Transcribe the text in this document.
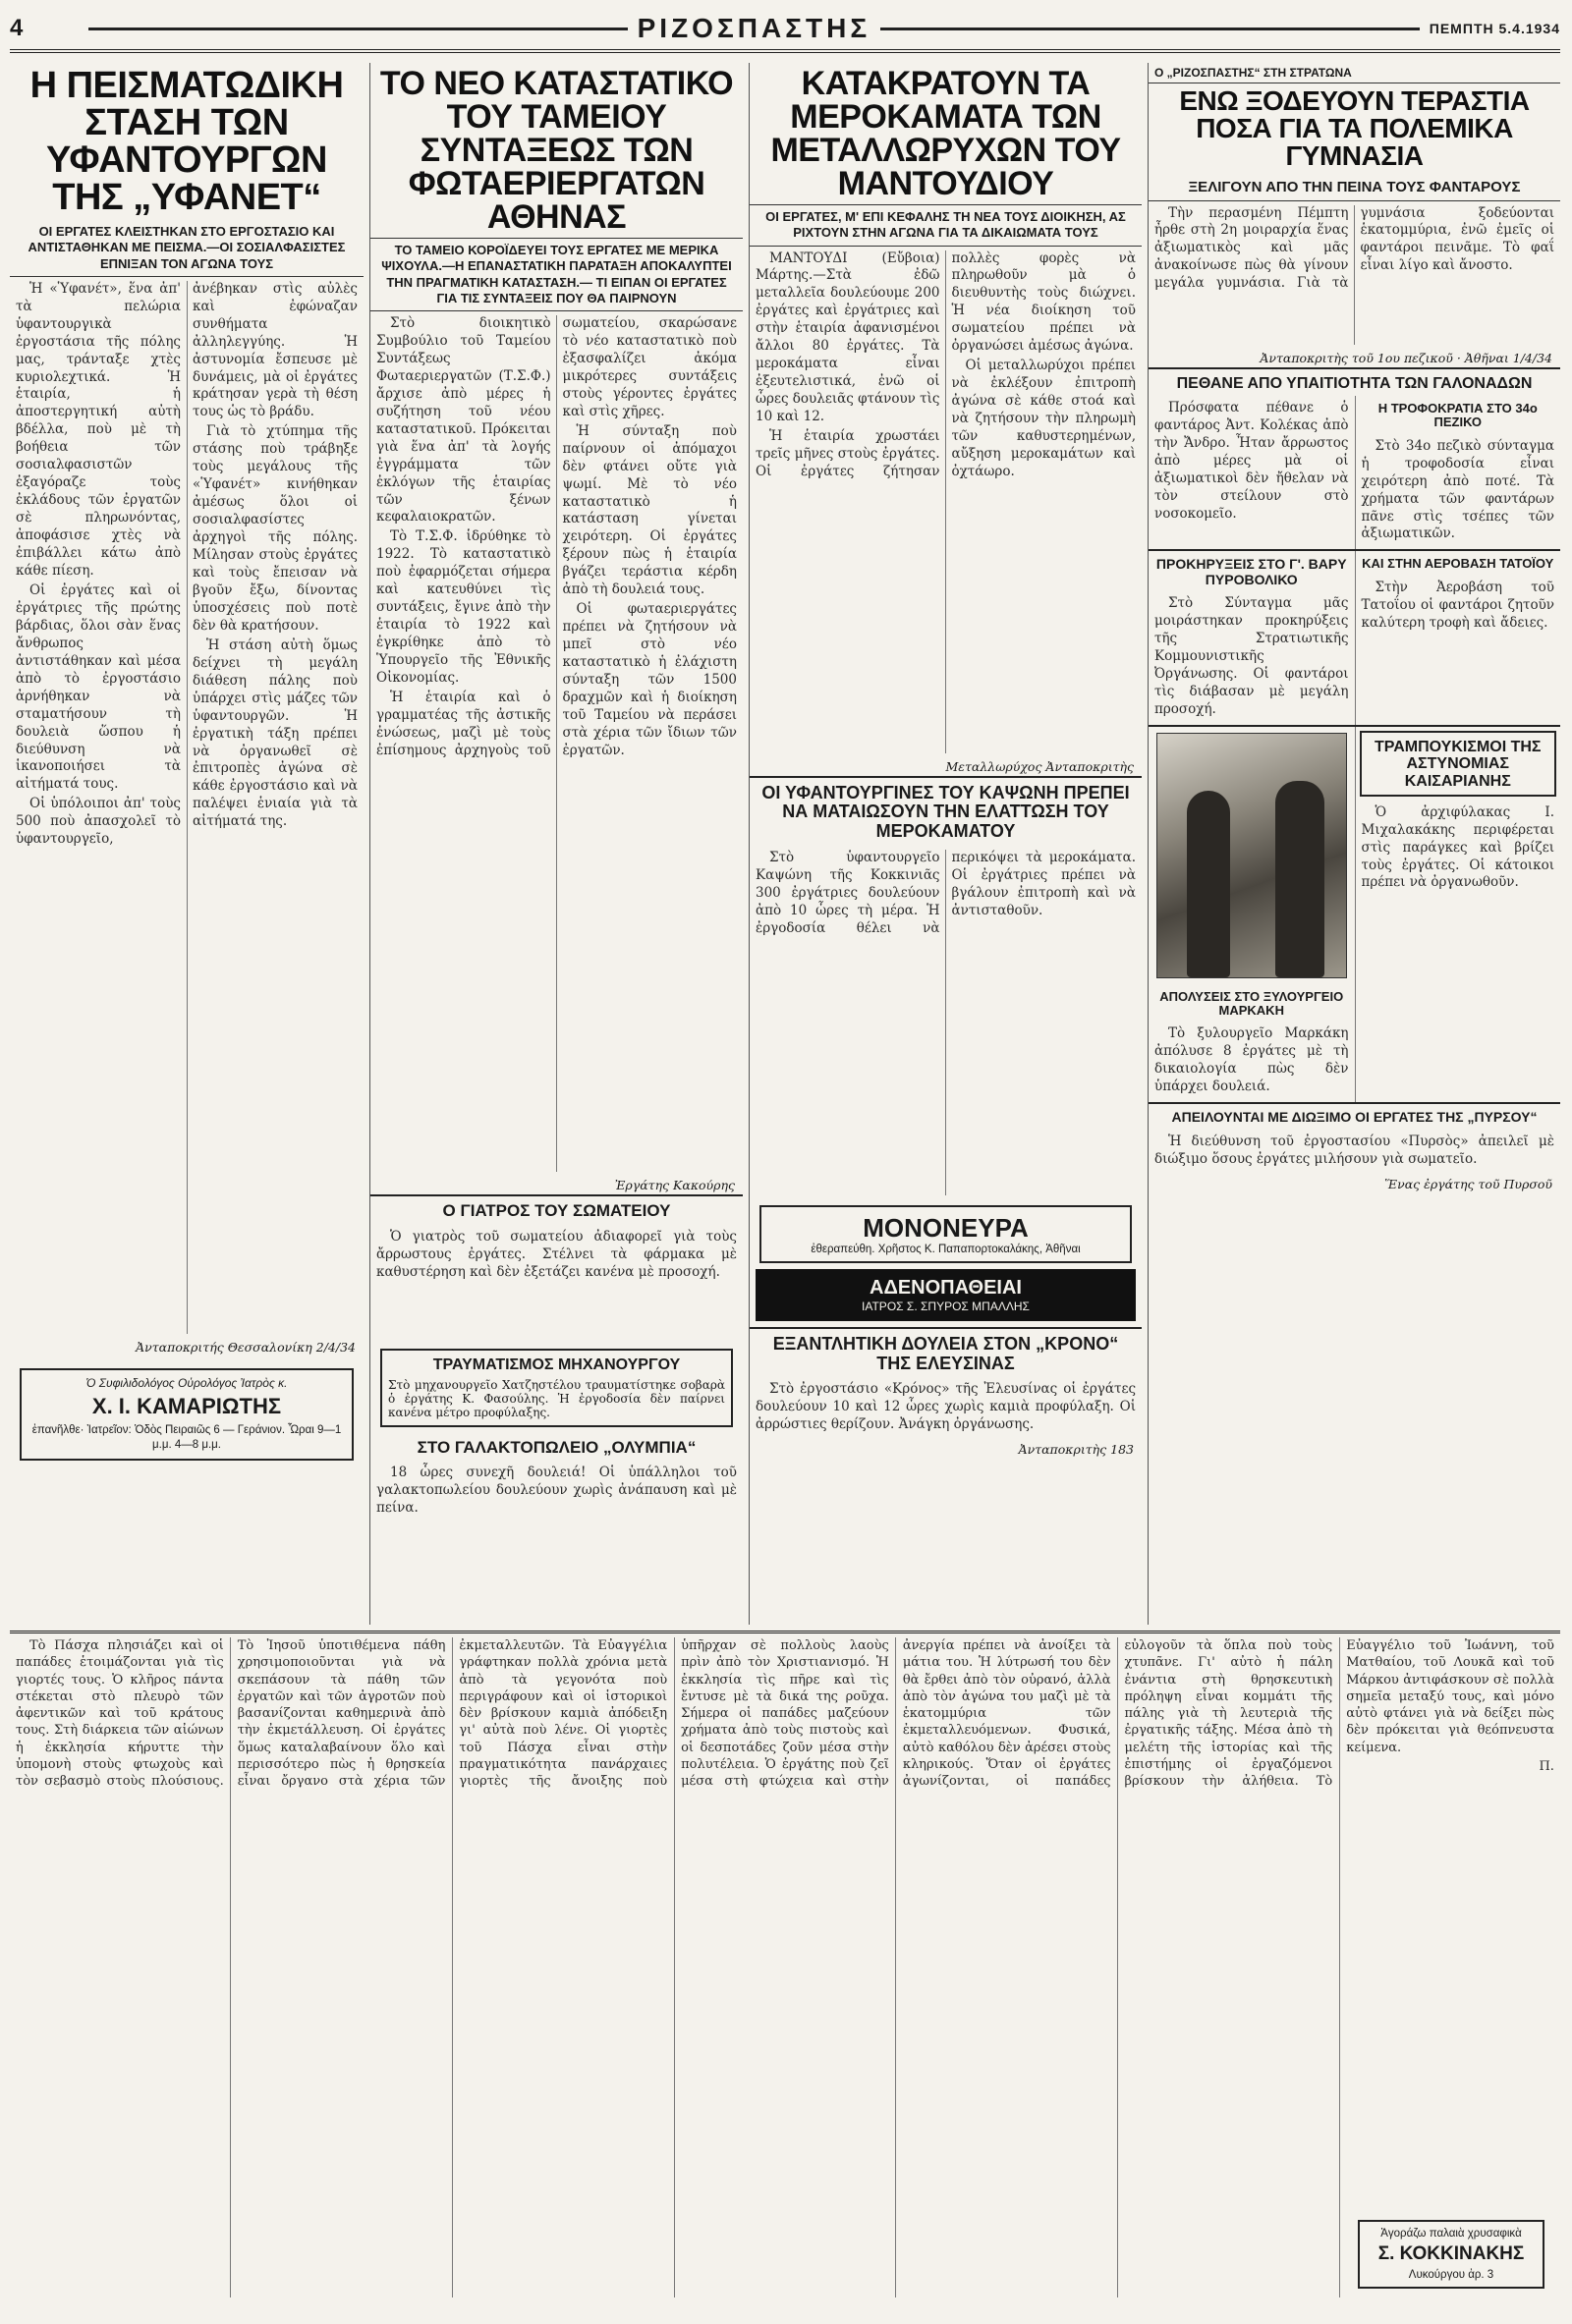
4	ΡΙΖΟΣΠΑΣΤΗΣ	ΠΕΜΠΤΗ 5.4.1934
Η ΠΕΙΣΜΑΤΩΔΙΚΗ ΣΤΑΣΗ ΤΩΝ ΥΦΑΝΤΟΥΡΓΩΝ ΤΗΣ „ΥΦΑΝΕΤ“
ΟΙ ΕΡΓΑΤΕΣ ΚΛΕΙΣΤΗΚΑΝ ΣΤΟ ΕΡΓΟΣΤΑΣΙΟ ΚΑΙ ΑΝΤΙΣΤΑΘΗΚΑΝ ΜΕ ΠΕΙΣΜΑ.—ΟΙ ΣΟΣΙΑΛΦΑΣΙΣΤΕΣ ΕΠΝΙΞΑΝ ΤΟΝ ΑΓΩΝΑ ΤΟΥΣ

Ἡ «Ὑφανέτ», ἕνα ἀπ' τὰ πελώρια ὑφαντουργικὰ ἐργοστάσια τῆς πόλης μας, τράνταξε χτὲς κυριολεχτικά. Ἡ ἑταιρία, ἡ ἀποστεργητική αὐτὴ βδέλλα, ποὺ μὲ τὴ βοήθεια τῶν σοσιαλφασιστῶν ἐξαγόραζε τοὺς ἐκλάδους τῶν ἐργατῶν σὲ πληρωνόντας, ἀποφάσισε χτὲς νὰ ἐπιβάλλει κάτω ἀπὸ κάθε πίεση.

Οἱ ἐργάτες καὶ οἱ ἐργάτριες τῆς πρώτης βάρδιας, ὅλοι σὰν ἕνας ἄνθρωπος ἀντιστάθηκαν καὶ μέσα ἀπὸ τὸ ἐργοστάσιο ἀρνήθηκαν νὰ σταματήσουν τὴ δουλειὰ ὥσπου ἡ διεύθυνση νὰ ἱκανοποιήσει τὰ αἰτήματά τους.

Οἱ ὑπόλοιποι ἀπ' τοὺς 500 ποὺ ἀπασχολεῖ τὸ ὑφαντουργεῖο, ἀνέβηκαν στὶς αὐλὲς καὶ ἐφώναζαν συνθήματα ἀλληλεγγύης. Ἡ ἀστυνομία ἔσπευσε μὲ δυνάμεις, μὰ οἱ ἐργάτες κράτησαν γερὰ τὴ θέση τους ὡς τὸ βράδυ.

Γιὰ τὸ χτύπημα τῆς στάσης ποὺ τράβηξε τοὺς μεγάλους τῆς «Ὑφανέτ» κινήθηκαν ἀμέσως ὅλοι οἱ σοσιαλφασίστες ἀρχηγοὶ τῆς πόλης. Μίλησαν στοὺς ἐργάτες καὶ τοὺς ἔπεισαν νὰ βγοῦν ἔξω, δίνοντας ὑποσχέσεις ποὺ ποτὲ δὲν θὰ κρατήσουν.

Ἡ στάση αὐτὴ ὅμως δείχνει τὴ μεγάλη διάθεση πάλης ποὺ ὑπάρχει στὶς μάζες τῶν ὑφαντουργῶν. Ἡ ἐργατικὴ τάξη πρέπει νὰ ὀργανωθεῖ σὲ ἐπιτροπὲς ἀγώνα σὲ κάθε ἐργοστάσιο καὶ νὰ παλέψει ἑνιαία γιὰ τὰ αἰτήματά της.

Ἀνταποκριτής Θεσσαλονίκη 2/4/34
Ὁ Συφιλιδολόγος Οὐρολόγος Ἰατρὸς κ.
Χ. Ι. ΚΑΜΑΡΙΩΤΗΣ
ἐπανῆλθε· Ἰατρεῖον: Ὁδὸς Πειραιῶς 6 — Γεράνιον. Ὧραι 9—1 μ.μ. 4—8 μ.μ.
ΤΟ ΝΕΟ ΚΑΤΑΣΤΑΤΙΚΟ ΤΟΥ ΤΑΜΕΙΟΥ ΣΥΝΤΑΞΕΩΣ ΤΩΝ ΦΩΤΑΕΡΙΕΡΓΑΤΩΝ ΑΘΗΝΑΣ
ΤΟ ΤΑΜΕΙΟ ΚΟΡΟΪΔΕΥΕΙ ΤΟΥΣ ΕΡΓΑΤΕΣ ΜΕ ΜΕΡΙΚΑ ΨΙΧΟΥΛΑ.—Η ΕΠΑΝΑΣΤΑΤΙΚΗ ΠΑΡΑΤΑΞΗ ΑΠΟΚΑΛΥΠΤΕΙ ΤΗΝ ΠΡΑΓΜΑΤΙΚΗ ΚΑΤΑΣΤΑΣΗ.— ΤΙ ΕΙΠΑΝ ΟΙ ΕΡΓΑΤΕΣ ΓΙΑ ΤΙΣ ΣΥΝΤΑΞΕΙΣ ΠΟΥ ΘΑ ΠΑΙΡΝΟΥΝ

Στὸ διοικητικὸ Συμβούλιο τοῦ Ταμείου Συντάξεως Φωταεριεργατῶν (Τ.Σ.Φ.) ἄρχισε ἀπὸ μέρες ἡ συζήτηση τοῦ νέου καταστατικοῦ. Πρόκειται γιὰ ἕνα ἀπ' τὰ λογής ἐγγράμματα τῶν ἐκλόγων τῆς ἑταιρίας τῶν ξένων κεφαλαιοκρατῶν.

Τὸ Τ.Σ.Φ. ἱδρύθηκε τὸ 1922. Τὸ καταστατικὸ ποὺ ἐφαρμόζεται σήμερα καὶ κατευθύνει τὶς συντάξεις, ἔγινε ἀπὸ τὴν ἑταιρία τὸ 1922 καὶ ἐγκρίθηκε ἀπὸ τὸ Ὑπουργεῖο τῆς Ἐθνικῆς Οἰκονομίας.

Ἡ ἑταιρία καὶ ὁ γραμματέας τῆς ἀστικῆς ἐνώσεως, μαζὶ μὲ τοὺς ἐπίσημους ἀρχηγοὺς τοῦ σωματείου, σκαρώσανε τὸ νέο καταστατικὸ ποὺ ἐξασφαλίζει ἀκόμα μικρότερες συντάξεις στοὺς γέροντες ἐργάτες καὶ στὶς χῆρες.

Ἡ σύνταξη ποὺ παίρνουν οἱ ἀπόμαχοι δὲν φτάνει οὔτε γιὰ ψωμί. Μὲ τὸ νέο καταστατικὸ ἡ κατάσταση γίνεται χειρότερη. Οἱ ἐργάτες ξέρουν πὼς ἡ ἑταιρία βγάζει τεράστια κέρδη ἀπὸ τὴ δουλειά τους.

Οἱ φωταεριεργάτες πρέπει νὰ ζητήσουν νὰ μπεῖ στὸ νέο καταστατικὸ ἡ ἐλάχιστη σύνταξη τῶν 1500 δραχμῶν καὶ ἡ διοίκηση τοῦ Ταμείου νὰ περάσει στὰ χέρια τῶν ἴδιων τῶν ἐργατῶν.

Ἐργάτης Κακούρης
Ο ΓΙΑΤΡΟΣ ΤΟΥ ΣΩΜΑΤΕΙΟΥ

Ὁ γιατρὸς τοῦ σωματείου ἀδιαφορεῖ γιὰ τοὺς ἄρρωστους ἐργάτες. Στέλνει τὰ φάρμακα μὲ καθυστέρηση καὶ δὲν ἐξετάζει κανένα μὲ προσοχή.

ΤΡΑΥΜΑΤΙΣΜΟΣ ΜΗΧΑΝΟΥΡΓΟΥ
Στὸ μηχανουργεῖο Χατζηστέλου τραυματίστηκε σοβαρὰ ὁ ἐργάτης Κ. Φασούλης. Ἡ ἐργοδοσία δὲν παίρνει κανένα μέτρο προφύλαξης.
ΣΤΟ ΓΑΛΑΚΤΟΠΩΛΕΙΟ „ΟΛΥΜΠΙΑ“

18 ὧρες συνεχῆ δουλειά! Οἱ ὑπάλληλοι τοῦ γαλακτοπωλείου δουλεύουν χωρὶς ἀνάπαυση καὶ μὲ πείνα.

ΚΑΤΑΚΡΑΤΟΥΝ ΤΑ ΜΕΡΟΚΑΜΑΤΑ ΤΩΝ ΜΕΤΑΛΛΩΡΥΧΩΝ ΤΟΥ ΜΑΝΤΟΥΔΙΟΥ
ΟΙ ΕΡΓΑΤΕΣ, Μ' ΕΠΙ ΚΕΦΑΛΗΣ ΤΗ ΝΕΑ ΤΟΥΣ ΔΙΟΙΚΗΣΗ, ΑΣ ΡΙΧΤΟΥΝ ΣΤΗΝ ΑΓΩΝΑ ΓΙΑ ΤΑ ΔΙΚΑΙΩΜΑΤΑ ΤΟΥΣ

ΜΑΝΤΟΥΔΙ (Εὔβοια) Μάρτης.—Στὰ ἐδῶ μεταλλεῖα δουλεύουμε 200 ἐργάτες καὶ ἐργάτριες καὶ στὴν ἑταιρία ἀφανισμένοι ἄλλοι 80 ἐργάτες. Τὰ μεροκάματα εἶναι ἐξευτελιστικά, ἐνῶ οἱ ὧρες δουλειᾶς φτάνουν τὶς 10 καὶ 12.

Ἡ ἑταιρία χρωστάει τρεῖς μῆνες στοὺς ἐργάτες. Οἱ ἐργάτες ζήτησαν πολλὲς φορὲς νὰ πληρωθοῦν μὰ ὁ διευθυντὴς τοὺς διώχνει. Ἡ νέα διοίκηση τοῦ σωματείου πρέπει νὰ ὀργανώσει ἀμέσως ἀγώνα.

Οἱ μεταλλωρύχοι πρέπει νὰ ἐκλέξουν ἐπιτροπὴ ἀγώνα σὲ κάθε στοά καὶ νὰ ζητήσουν τὴν πληρωμὴ τῶν καθυστερημένων, αὔξηση μεροκαμάτων καὶ ὀχτάωρο.

Μεταλλωρύχος Ἀνταποκριτὴς
ΟΙ ΥΦΑΝΤΟΥΡΓΙΝΕΣ ΤΟΥ ΚΑΨΩΝΗ ΠΡΕΠΕΙ ΝΑ ΜΑΤΑΙΩΣΟΥΝ ΤΗΝ ΕΛΑΤΤΩΣΗ ΤΟΥ ΜΕΡΟΚΑΜΑΤΟΥ

Στὸ ὑφαντουργεῖο Καψώνη τῆς Κοκκινιᾶς 300 ἐργάτριες δουλεύουν ἀπὸ 10 ὧρες τὴ μέρα. Ἡ ἐργοδοσία θέλει νὰ περικόψει τὰ μεροκάματα. Οἱ ἐργάτριες πρέπει νὰ βγάλουν ἐπιτροπὴ καὶ νὰ ἀντισταθοῦν.

ΜΟΝΟΝΕΥΡΑ
ἐθεραπεύθη. Χρῆστος Κ. Παπαπορτοκαλάκης, Ἀθῆναι
ΑΔΕΝΟΠΑΘΕΙΑΙ
ΙΑΤΡΟΣ Σ. ΣΠΥΡΟΣ ΜΠΑΛΛΗΣ
ΕΞΑΝΤΛΗΤΙΚΗ ΔΟΥΛΕΙΑ ΣΤΟΝ „ΚΡΟΝΟ“ ΤΗΣ ΕΛΕΥΣΙΝΑΣ

Στὸ ἐργοστάσιο «Κρόνος» τῆς Ἐλευσίνας οἱ ἐργάτες δουλεύουν 10 καὶ 12 ὧρες χωρὶς καμιὰ προφύλαξη. Οἱ ἀρρώστιες θερίζουν. Ἀνάγκη ὀργάνωσης.

Ἀνταποκριτὴς 183
Ο „ΡΙΖΟΣΠΑΣΤΗΣ“ ΣΤΗ ΣΤΡΑΤΩΝΑ
ΕΝΩ ΞΟΔΕΥΟΥΝ ΤΕΡΑΣΤΙΑ ΠΟΣΑ ΓΙΑ ΤΑ ΠΟΛΕΜΙΚΑ ΓΥΜΝΑΣΙΑ
ΞΕΛΙΓΟΥΝ ΑΠΟ ΤΗΝ ΠΕΙΝΑ ΤΟΥΣ ΦΑΝΤΑΡΟΥΣ

Τὴν περασμένη Πέμπτη ἦρθε στὴ 2η μοιραρχία ἕνας ἀξιωματικὸς καὶ μᾶς ἀνακοίνωσε πὼς θὰ γίνουν μεγάλα γυμνάσια. Γιὰ τὰ γυμνάσια ξοδεύονται ἑκατομμύρια, ἐνῶ ἐμεῖς οἱ φαντάροι πεινᾶμε. Τὸ φαΐ εἶναι λίγο καὶ ἄνοστο.

Ἀνταποκριτὴς τοῦ 1ου πεζικοῦ · Ἀθῆναι 1/4/34
ΠΕΘΑΝΕ ΑΠΟ ΥΠΑΙΤΙΟΤΗΤΑ ΤΩΝ ΓΑΛΟΝΑΔΩΝ

Πρόσφατα πέθανε ὁ φαντάρος Ἀντ. Κολέκας ἀπὸ τὴν Ἄνδρο. Ἦταν ἄρρωστος ἀπὸ μέρες μὰ οἱ ἀξιωματικοὶ δὲν ἤθελαν νὰ τὸν στείλουν στὸ νοσοκομεῖο.

Η ΤΡΟΦΟΚΡΑΤΙΑ ΣΤΟ 34ο ΠΕΖΙΚΟ

Στὸ 34ο πεζικὸ σύνταγμα ἡ τροφοδοσία εἶναι χειρότερη ἀπὸ ποτέ. Τὰ χρήματα τῶν φαντάρων πᾶνε στὶς τσέπες τῶν ἀξιωματικῶν.

ΠΡΟΚΗΡΥΞΕΙΣ ΣΤΟ Γ'. ΒΑΡΥ ΠΥΡΟΒΟΛΙΚΟ

Στὸ Σύνταγμα μᾶς μοιράστηκαν προκηρύξεις τῆς Στρατιωτικῆς Κομμουνιστικῆς Ὀργάνωσης. Οἱ φαντάροι τὶς διάβασαν μὲ μεγάλη προσοχή.

ΚΑΙ ΣΤΗΝ ΑΕΡΟΒΑΣΗ ΤΑΤΟΪΟΥ

Στὴν Ἀεροβάση τοῦ Τατοΐου οἱ φαντάροι ζητοῦν καλύτερη τροφὴ καὶ ἄδειες.

ΑΠΟΛΥΣΕΙΣ ΣΤΟ ΞΥΛΟΥΡΓΕΙΟ ΜΑΡΚΑΚΗ

Τὸ ξυλουργεῖο Μαρκάκη ἀπόλυσε 8 ἐργάτες μὲ τὴ δικαιολογία πὼς δὲν ὑπάρχει δουλειά.

ΤΡΑΜΠΟΥΚΙΣΜΟΙ ΤΗΣ ΑΣΤΥΝΟΜΙΑΣ ΚΑΙΣΑΡΙΑΝΗΣ

Ὁ ἀρχιφύλακας Ι. Μιχαλακάκης περιφέρεται στὶς παράγκες καὶ βρίζει τοὺς ἐργάτες. Οἱ κάτοικοι πρέπει νὰ ὀργανωθοῦν.

ΑΠΕΙΛΟΥΝΤΑΙ ΜΕ ΔΙΩΞΙΜΟ ΟΙ ΕΡΓΑΤΕΣ ΤΗΣ „ΠΥΡΣΟΥ“

Ἡ διεύθυνση τοῦ ἐργοστασίου «Πυρσὸς» ἀπειλεῖ μὲ διώξιμο ὅσους ἐργάτες μιλήσουν γιὰ σωματεῖο.

Ἕνας ἐργάτης τοῦ Πυρσοῦ

Τὸ Πάσχα πλησιάζει καὶ οἱ παπάδες ἑτοιμάζονται γιὰ τὶς γιορτές τους. Ὁ κλῆρος πάντα στέκεται στὸ πλευρὸ τῶν ἀφεντικῶν καὶ τοῦ κράτους τους. Στὴ διάρκεια τῶν αἰώνων ἡ ἐκκλησία κήρυττε τὴν ὑπομονὴ στοὺς φτωχοὺς καὶ τὸν σεβασμὸ στοὺς πλούσιους. Τὸ Ἰησοῦ ὑποτιθέμενα πάθη χρησιμοποιοῦνται γιὰ νὰ σκεπάσουν τὰ πάθη τῶν ἐργατῶν καὶ τῶν ἀγροτῶν ποὺ βασανίζονται καθημερινὰ ἀπὸ τὴν ἐκμετάλλευση. Οἱ ἐργάτες ὅμως καταλαβαίνουν ὅλο καὶ περισσότερο πὼς ἡ θρησκεία εἶναι ὄργανο στὰ χέρια τῶν ἐκμεταλλευτῶν. Τὰ Εὐαγγέλια γράφτηκαν πολλὰ χρόνια μετὰ ἀπὸ τὰ γεγονότα ποὺ περιγράφουν καὶ οἱ ἱστορικοὶ δὲν βρίσκουν καμιὰ ἀπόδειξη γι' αὐτὰ ποὺ λένε. Οἱ γιορτὲς τοῦ Πάσχα εἶναι στὴν πραγματικότητα πανάρχαιες γιορτὲς τῆς ἄνοιξης ποὺ ὑπῆρχαν σὲ πολλοὺς λαοὺς πρὶν ἀπὸ τὸν Χριστιανισμό. Ἡ ἐκκλησία τὶς πῆρε καὶ τὶς ἔντυσε μὲ τὰ δικά της ροῦχα. Σήμερα οἱ παπάδες μαζεύουν χρήματα ἀπὸ τοὺς πιστοὺς καὶ οἱ δεσποτάδες ζοῦν μέσα στὴν πολυτέλεια. Ὁ ἐργάτης ποὺ ζεῖ μέσα στὴ φτώχεια καὶ στὴν ἀνεργία πρέπει νὰ ἀνοίξει τὰ μάτια του. Ἡ λύτρωσή του δὲν θὰ ἔρθει ἀπὸ τὸν οὐρανό, ἀλλὰ ἀπὸ τὸν ἀγώνα του μαζὶ μὲ τὰ ἑκατομμύρια τῶν ἐκμεταλλευόμενων. Φυσικά, αὐτὸ καθόλου δὲν ἀρέσει στοὺς κληρικούς. Ὅταν οἱ ἐργάτες ἀγωνίζονται, οἱ παπάδες εὐλογοῦν τὰ ὅπλα ποὺ τοὺς χτυπᾶνε. Γι' αὐτὸ ἡ πάλη ἐνάντια στὴ θρησκευτικὴ πρόληψη εἶναι κομμάτι τῆς πάλης γιὰ τὴ λευτεριὰ τῆς ἐργατικῆς τάξης. Μέσα ἀπὸ τὴ μελέτη τῆς ἱστορίας καὶ τῆς ἐπιστήμης οἱ ἐργαζόμενοι βρίσκουν τὴν ἀλήθεια. Τὸ Εὐαγγέλιο τοῦ Ἰωάννη, τοῦ Ματθαίου, τοῦ Λουκᾶ καὶ τοῦ Μάρκου ἀντιφάσκουν σὲ πολλὰ σημεῖα μεταξύ τους, καὶ μόνο αὐτὸ φτάνει γιὰ νὰ δείξει πὼς δὲν πρόκειται γιὰ θεόπνευστα κείμενα.

Π.

Ἀγοράζω παλαιὰ χρυσαφικὰ
Σ. ΚΟΚΚΙΝΑΚΗΣ
Λυκούργου ἀρ. 3
